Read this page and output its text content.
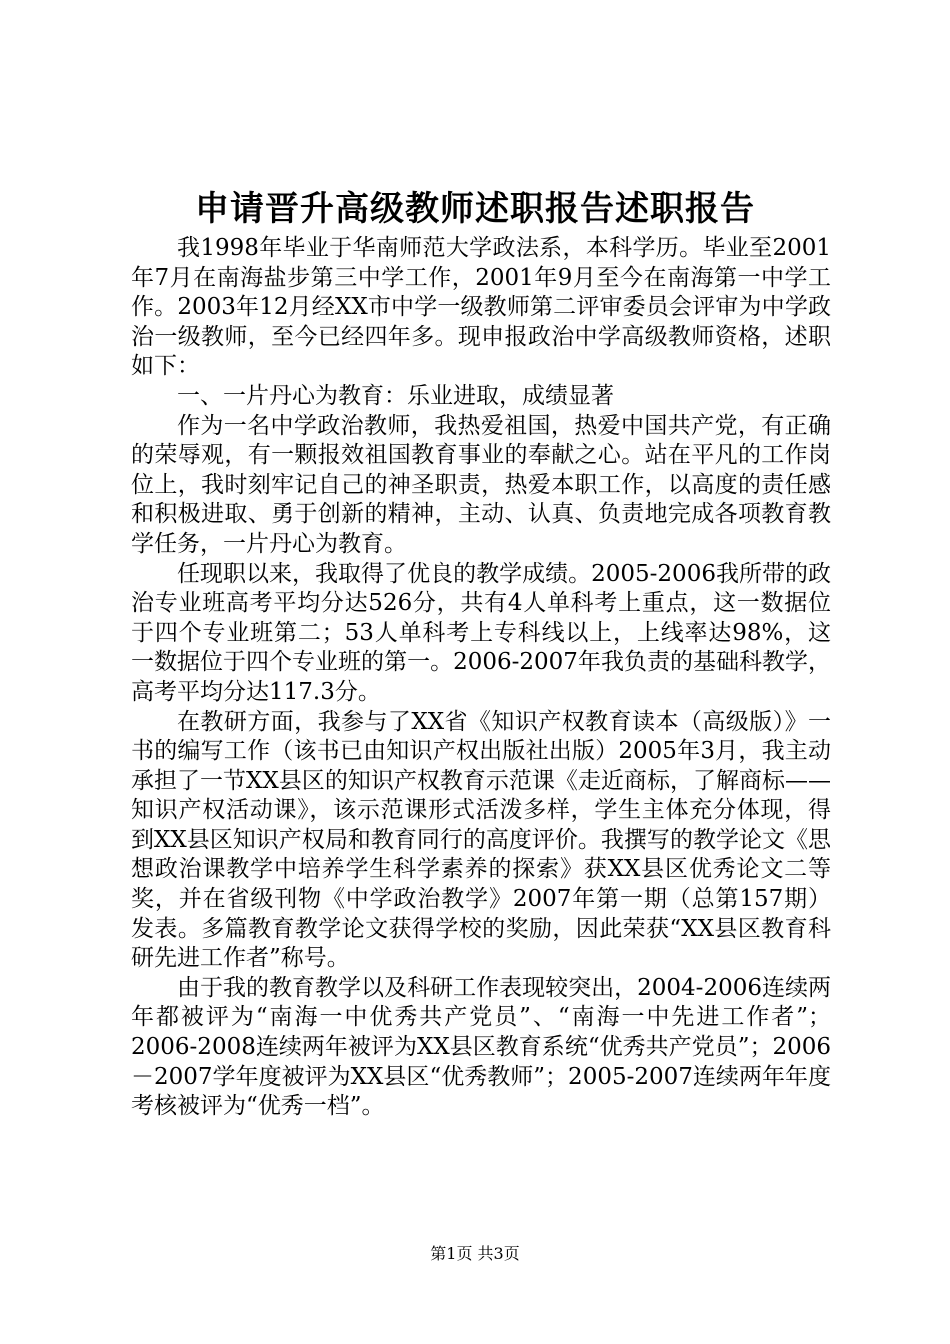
申请晋升高级教师述职报告述职报告

我1998年毕业于华南师范大学政法系，本科学历。毕业至2001年7月在南海盐步第三中学工作，2001年9月至今在南海第一中学工作。2003年12月经XX市中学一级教师第二评审委员会评审为中学政治一级教师，至今已经四年多。现申报政治中学高级教师资格，述职如下：

一、一片丹心为教育：乐业进取，成绩显著

作为一名中学政治教师，我热爱祖国，热爱中国共产党，有正确的荣辱观，有一颗报效祖国教育事业的奉献之心。站在平凡的工作岗位上，我时刻牢记自己的神圣职责，热爱本职工作，以高度的责任感和积极进取、勇于创新的精神，主动、认真、负责地完成各项教育教学任务，一片丹心为教育。

任现职以来，我取得了优良的教学成绩。2005-2006我所带的政治专业班高考平均分达526分，共有4人单科考上重点，这一数据位于四个专业班第二；53人单科考上专科线以上，上线率达98%，这一数据位于四个专业班的第一。2006-2007年我负责的基础科教学，高考平均分达117.3分。

在教研方面，我参与了XX省《知识产权教育读本（高级版）》一书的编写工作（该书已由知识产权出版社出版）2005年3月，我主动承担了一节XX县区的知识产权教育示范课《走近商标，了解商标——知识产权活动课》，该示范课形式活泼多样，学生主体充分体现，得到XX县区知识产权局和教育同行的高度评价。我撰写的教学论文《思想政治课教学中培养学生科学素养的探索》获XX县区优秀论文二等奖，并在省级刊物《中学政治教学》2007年第一期（总第157期）发表。多篇教育教学论文获得学校的奖励，因此荣获“XX县区教育科研先进工作者”称号。

由于我的教育教学以及科研工作表现较突出，2004-2006连续两年都被评为“南海一中优秀共产党员”、“南海一中先进工作者”；2006-2008连续两年被评为XX县区教育系统“优秀共产党员”；2006－2007学年度被评为XX县区“优秀教师”；2005-2007连续两年年度考核被评为“优秀一档”。

第1页 共3页
